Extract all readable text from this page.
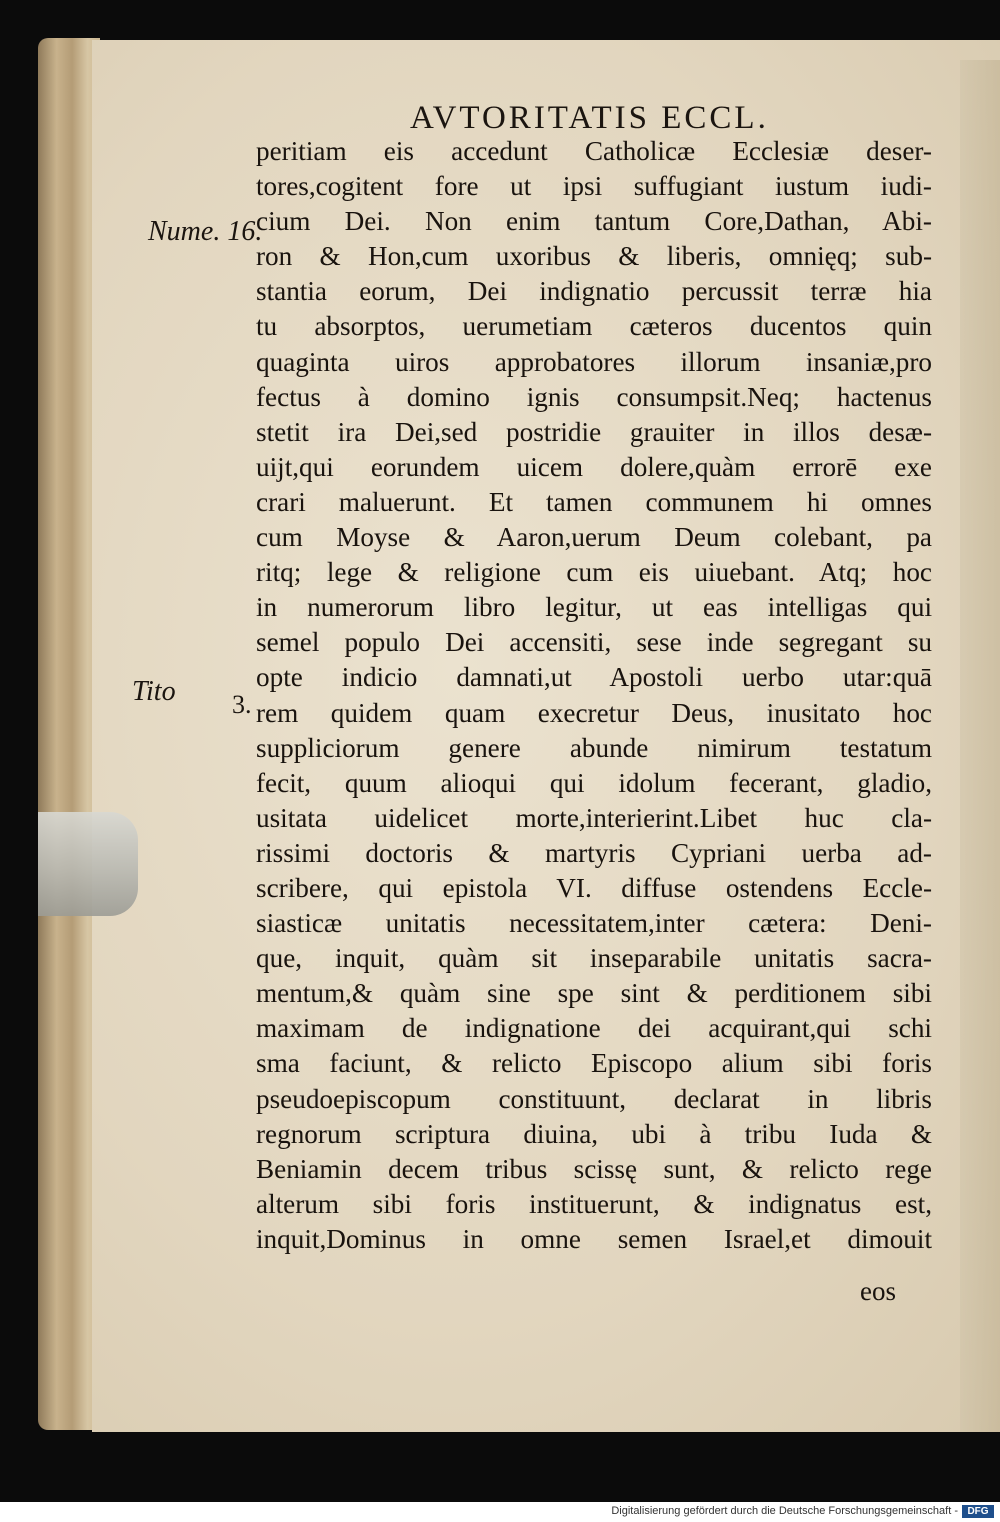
AVTORITATIS ECCL.
Nume. 16.
Tito 3.
peritiam eis accedunt Catholicæ Ecclesiæ deser-
tores,cogitent fore ut ipsi suffugiant iustum iudi-
cium Dei. Non enim tantum Core,Dathan, Abi-
ron & Hon,cum uxoribus & liberis, omnięq; sub-
stantia eorum, Dei indignatio percussit terræ hia
tu absorptos, uerumetiam cæteros ducentos quin
quaginta uiros approbatores illorum insaniæ,pro
fectus à domino ignis consumpsit.Neq; hactenus
stetit ira Dei,sed postridie grauiter in illos desæ-
uijt,qui eorundem uicem dolere,quàm errorē exe
crari maluerunt. Et tamen communem hi omnes
cum Moyse & Aaron,uerum Deum colebant, pa
ritq; lege & religione cum eis uiuebant. Atq; hoc
in numerorum libro legitur, ut eas intelligas qui
semel populo Dei accensiti, sese inde segregant su
opte indicio damnati,ut Apostoli uerbo utar:quā
rem quidem quam execretur Deus, inusitato hoc
suppliciorum genere abunde nimirum testatum
fecit, quum alioqui qui idolum fecerant, gladio,
usitata uidelicet morte,interierint.Libet huc cla-
rissimi doctoris & martyris Cypriani uerba ad-
scribere, qui epistola VI. diffuse ostendens Eccle-
siasticæ unitatis necessitatem,inter cætera: Deni-
que, inquit, quàm sit inseparabile unitatis sacra-
mentum,& quàm sine spe sint & perditionem sibi
maximam de indignatione dei acquirant,qui schi
sma faciunt, & relicto Episcopo alium sibi foris
pseudoepiscopum constituunt, declarat in libris
regnorum scriptura diuina, ubi à tribu Iuda &
Beniamin decem tribus scissę sunt, & relicto rege
alterum sibi foris instituerunt, & indignatus est,
inquit,Dominus in omne semen Israel,et dimouit
eos
Digitalisierung gefördert durch die Deutsche Forschungsgemeinschaft - DFG
